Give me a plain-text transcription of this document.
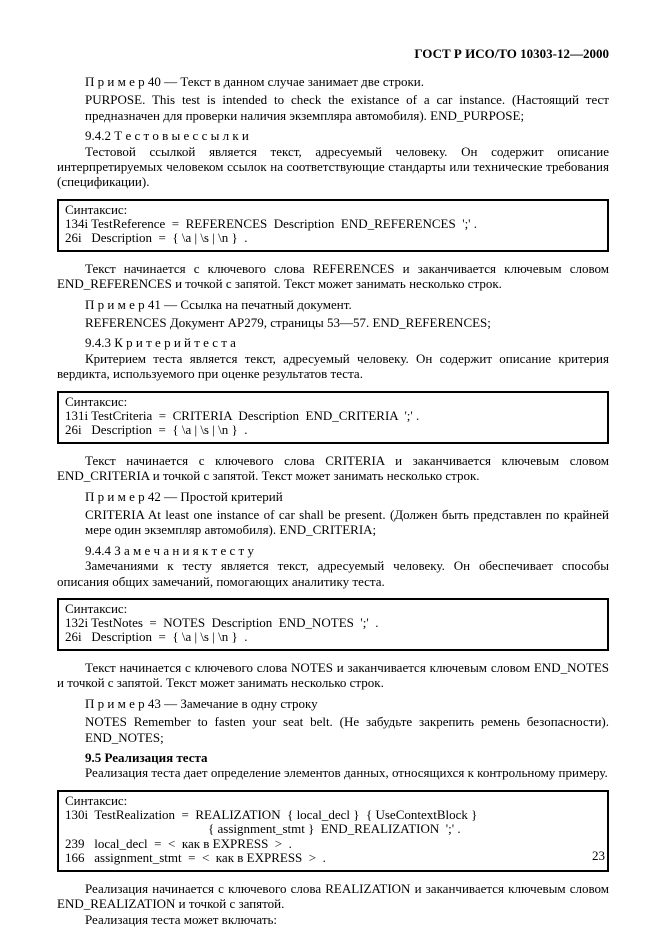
ГОСТ Р ИСО/ТО 10303-12—2000

П р и м е р 40 — Текст в данном случае занимает две строки.

PURPOSE. This test is intended to check the existance of a car instance. (Настоящий тест предназначен для проверки наличия экземпляра автомобиля). END_PURPOSE;

9.4.2 Т е с т о в ы е с с ы л к и

Тестовой ссылкой является текст, адресуемый человеку. Он содержит описание интерпретируемых человеком ссылок на соответствующие стандарты или технические требования (спецификации).

Синтаксис:
134i TestReference  =  REFERENCES  Description  END_REFERENCES  ';' .
26i   Description  =  { \a | \s | \n }  .

Текст начинается с ключевого слова REFERENCES и заканчивается ключевым словом END_REFERENCES и точкой с запятой. Текст может занимать несколько строк.

П р и м е р 41 — Ссылка на печатный документ.

REFERENCES Документ АР279, страницы 53—57. END_REFERENCES;

9.4.3 К р и т е р и й т е с т а

Критерием теста является текст, адресуемый человеку. Он содержит описание критерия вердикта, используемого при оценке результатов теста.

Синтаксис:
131i TestCriteria  =  CRITERIA  Description  END_CRITERIA  ';' .
26i   Description  =  { \a | \s | \n }  .

Текст начинается с ключевого слова CRITERIA и заканчивается ключевым словом END_CRITERIA и точкой с запятой. Текст может занимать несколько строк.

П р и м е р 42 — Простой критерий

CRITERIA At least one instance of car shall be present. (Должен быть представлен по крайней мере один экземпляр автомобиля). END_CRITERIA;

9.4.4 З а м е ч а н и я к т е с т у

Замечаниями к тесту является текст, адресуемый человеку. Он обеспечивает способы описания общих замечаний, помогающих аналитику теста.

Синтаксис:
132i TestNotes  =  NOTES  Description  END_NOTES  ';'  .
26i   Description  =  { \a | \s | \n }  .

Текст начинается с ключевого слова NOTES и заканчивается ключевым словом END_NOTES и точкой с запятой. Текст может занимать несколько строк.

П р и м е р 43 — Замечание в одну строку

NOTES Remember to fasten your seat belt. (Не забудьте закрепить ремень безопасности). END_NOTES;

9.5 Реализация теста

Реализация теста дает определение элементов данных, относящихся к контрольному примеру.

Синтаксис:
130i  TestRealization  =  REALIZATION  { local_decl }  { UseContextBlock }
{ assignment_stmt }  END_REALIZATION  ';' .
239   local_decl  =  <  как в EXPRESS  >  .
166   assignment_stmt  =  <  как в EXPRESS  >  .

Реализация начинается с ключевого слова REALIZATION и заканчивается ключевым словом END_REALIZATION и точкой с запятой.

Реализация теста может включать:

23
